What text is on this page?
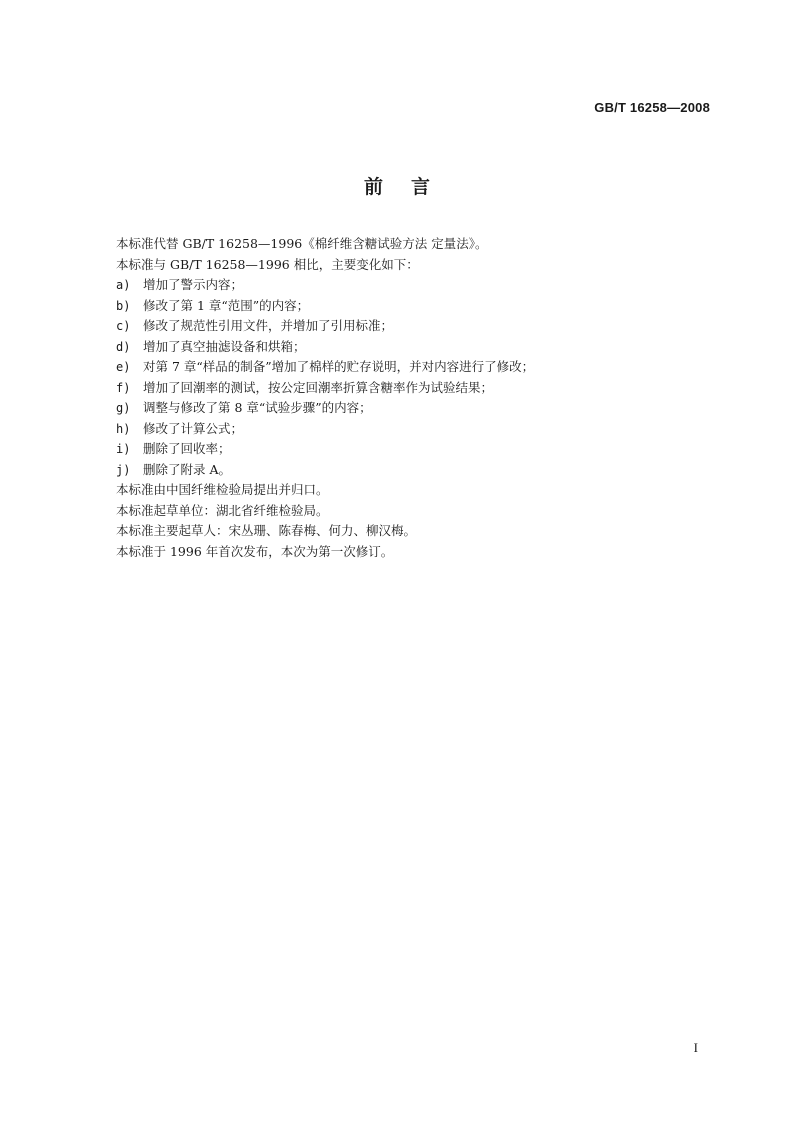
GB/T 16258—2008
前言
本标准代替 GB/T 16258—1996《棉纤维含糖试验方法 定量法》。
本标准与 GB/T 16258—1996 相比，主要变化如下：
a) 增加了警示内容；
b) 修改了第 1 章“范围”的内容；
c) 修改了规范性引用文件，并增加了引用标准；
d) 增加了真空抽滤设备和烘箱；
e) 对第 7 章“样品的制备”增加了棉样的贮存说明，并对内容进行了修改；
f) 增加了回潮率的测试，按公定回潮率折算含糖率作为试验结果；
g) 调整与修改了第 8 章“试验步骤”的内容；
h) 修改了计算公式；
i) 删除了回收率；
j) 删除了附录 A。
本标准由中国纤维检验局提出并归口。
本标准起草单位：湖北省纤维检验局。
本标准主要起草人：宋丛珊、陈春梅、何力、柳汉梅。
本标准于 1996 年首次发布，本次为第一次修订。
I
